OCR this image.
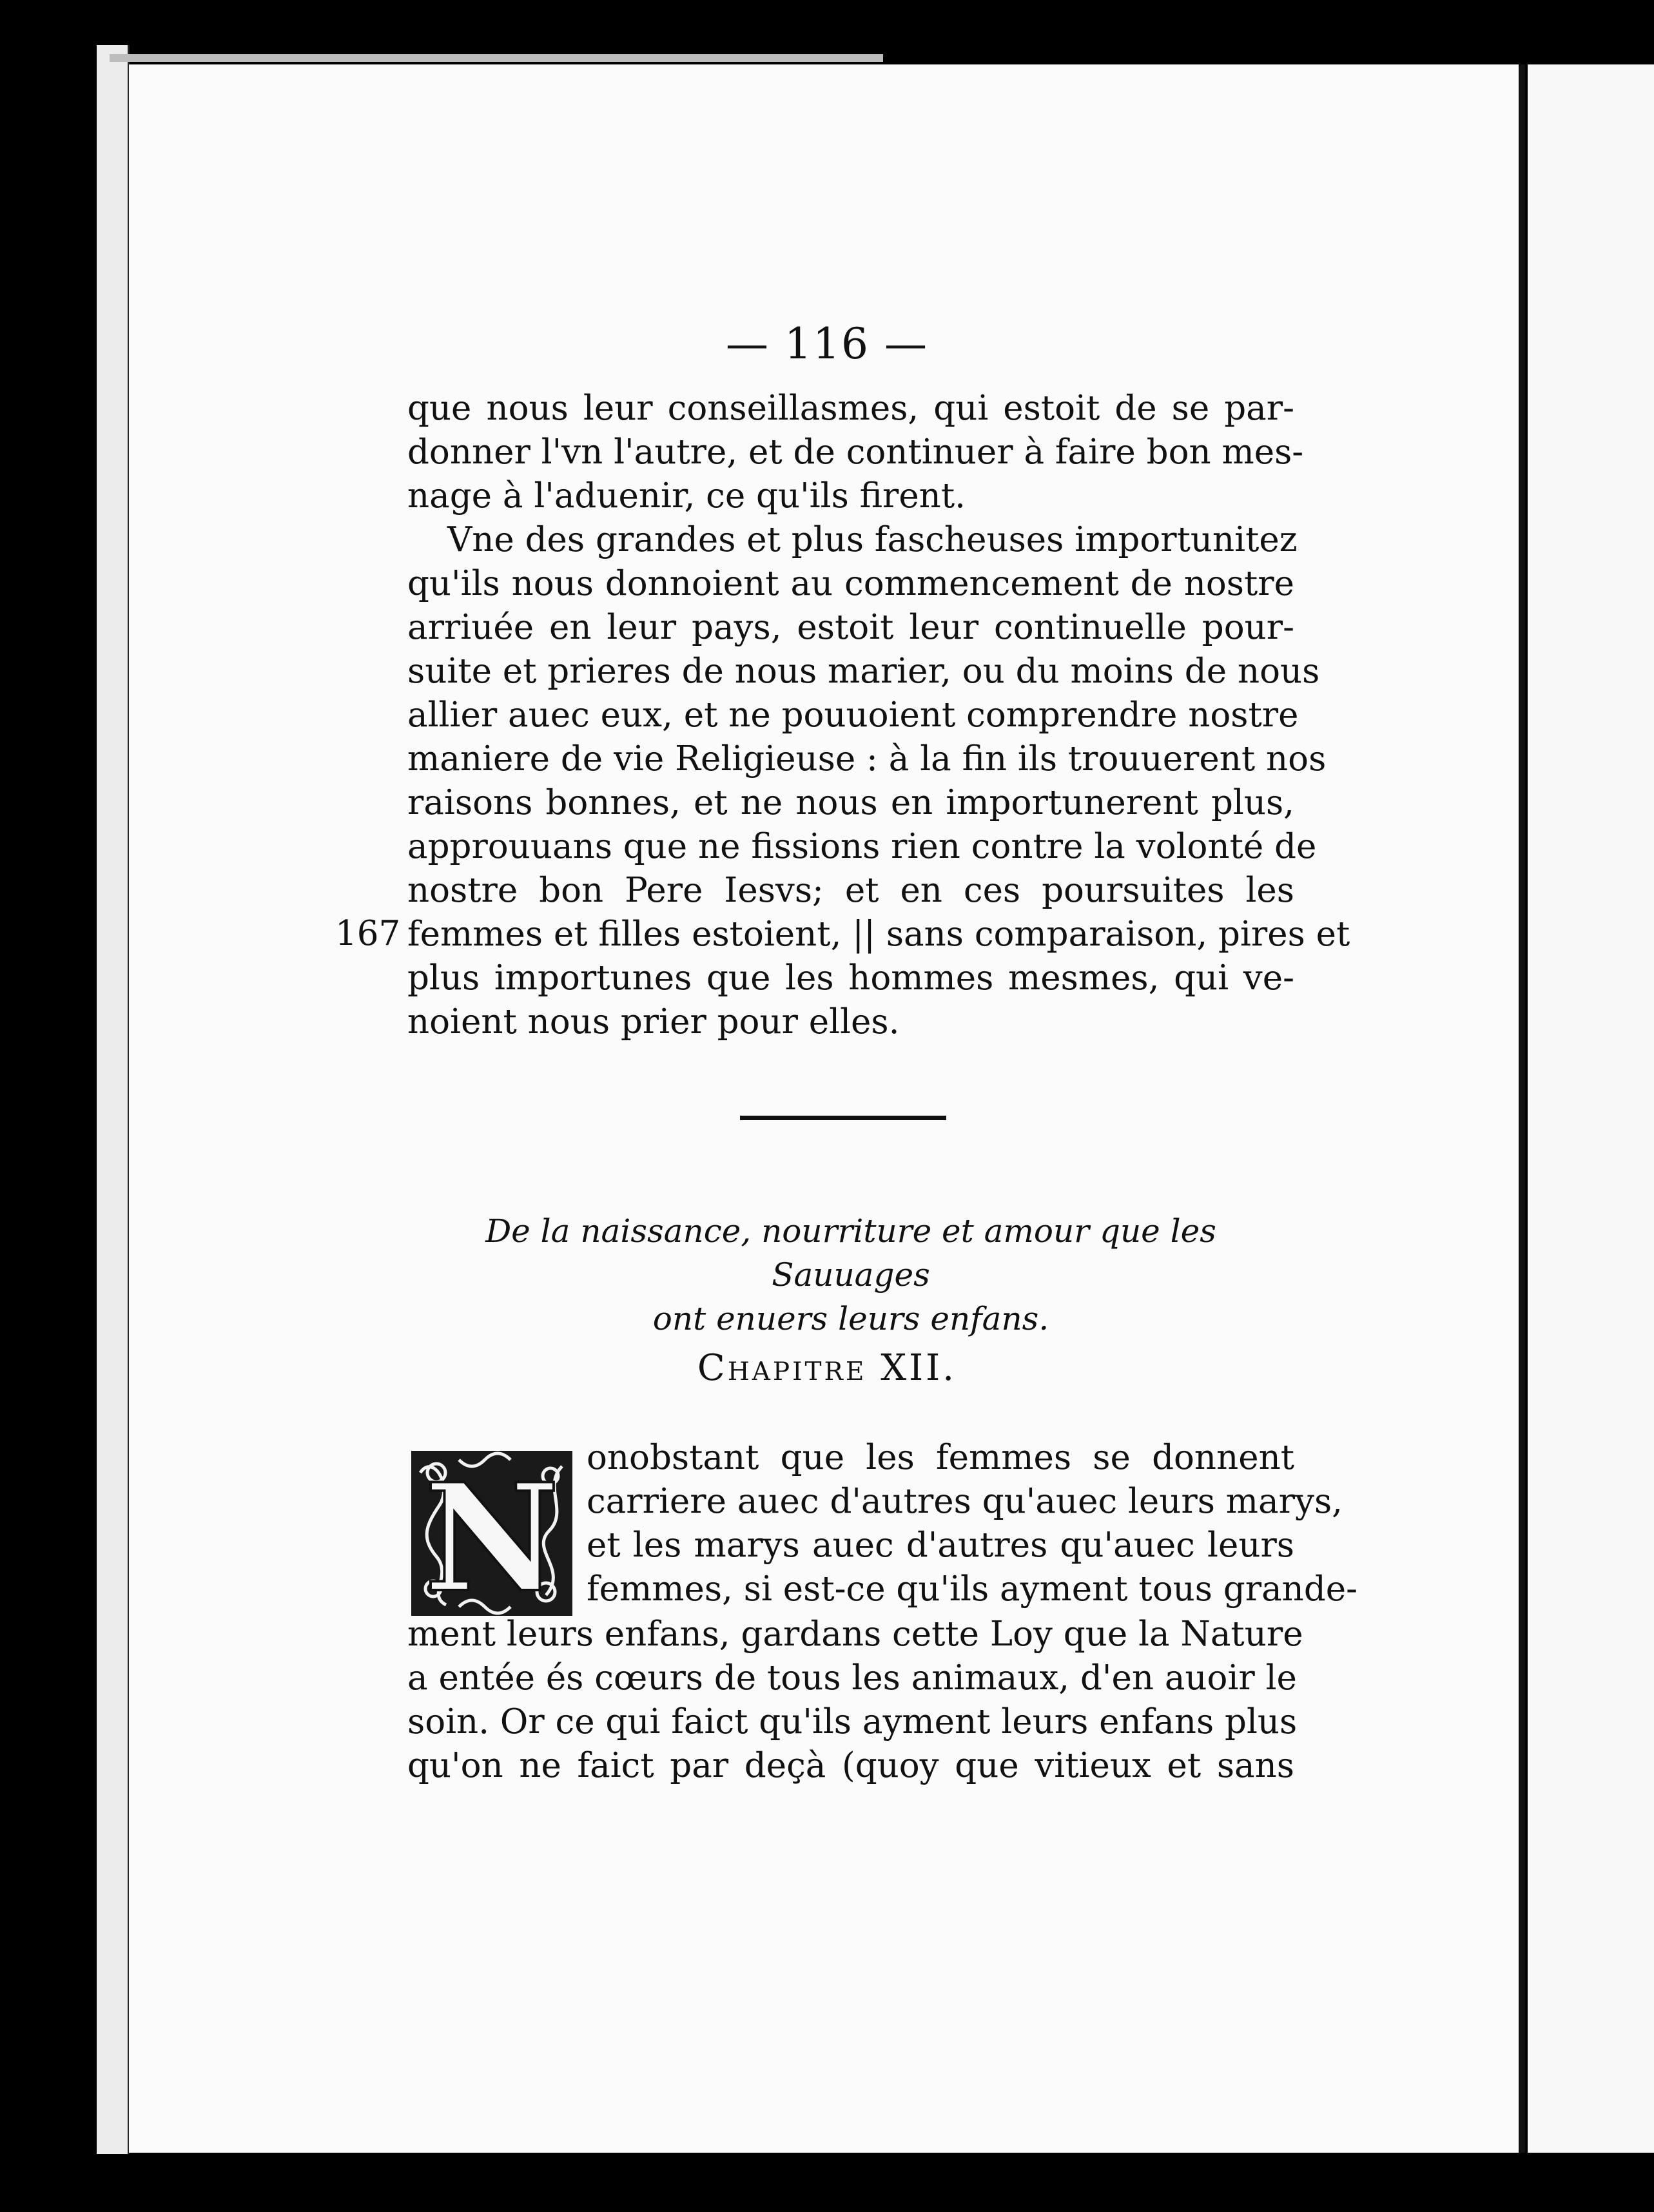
— 116 —
que nous leur conseillasmes, qui estoit de se par-
donner l'vn l'autre, et de continuer à faire bon mes-
nage à l'aduenir, ce qu'ils firent.
Vne des grandes et plus fascheuses importunitez
qu'ils nous donnoient au commencement de nostre
arriuée en leur pays, estoit leur continuelle pour-
suite et prieres de nous marier, ou du moins de nous
allier auec eux, et ne pouuoient comprendre nostre
maniere de vie Religieuse : à la fin ils trouuerent nos
raisons bonnes, et ne nous en importunerent plus,
approuuans que ne fissions rien contre la volonté de
nostre bon Pere Iesvs; et en ces poursuites les
femmes et filles estoient, || sans comparaison, pires et
plus importunes que les hommes mesmes, qui ve-
noient nous prier pour elles.
167
De la naissance, nourriture et amour que les Sauuages
ont enuers leurs enfans.
Chapitre XII.
N onobstant que les femmes se donnent
carriere auec d'autres qu'auec leurs marys,
et les marys auec d'autres qu'auec leurs
femmes, si est-ce qu'ils ayment tous grande-
ment leurs enfans, gardans cette Loy que la Nature
a entée és cœurs de tous les animaux, d'en auoir le
soin. Or ce qui faict qu'ils ayment leurs enfans plus
qu'on ne faict par deçà (quoy que vitieux et sans
